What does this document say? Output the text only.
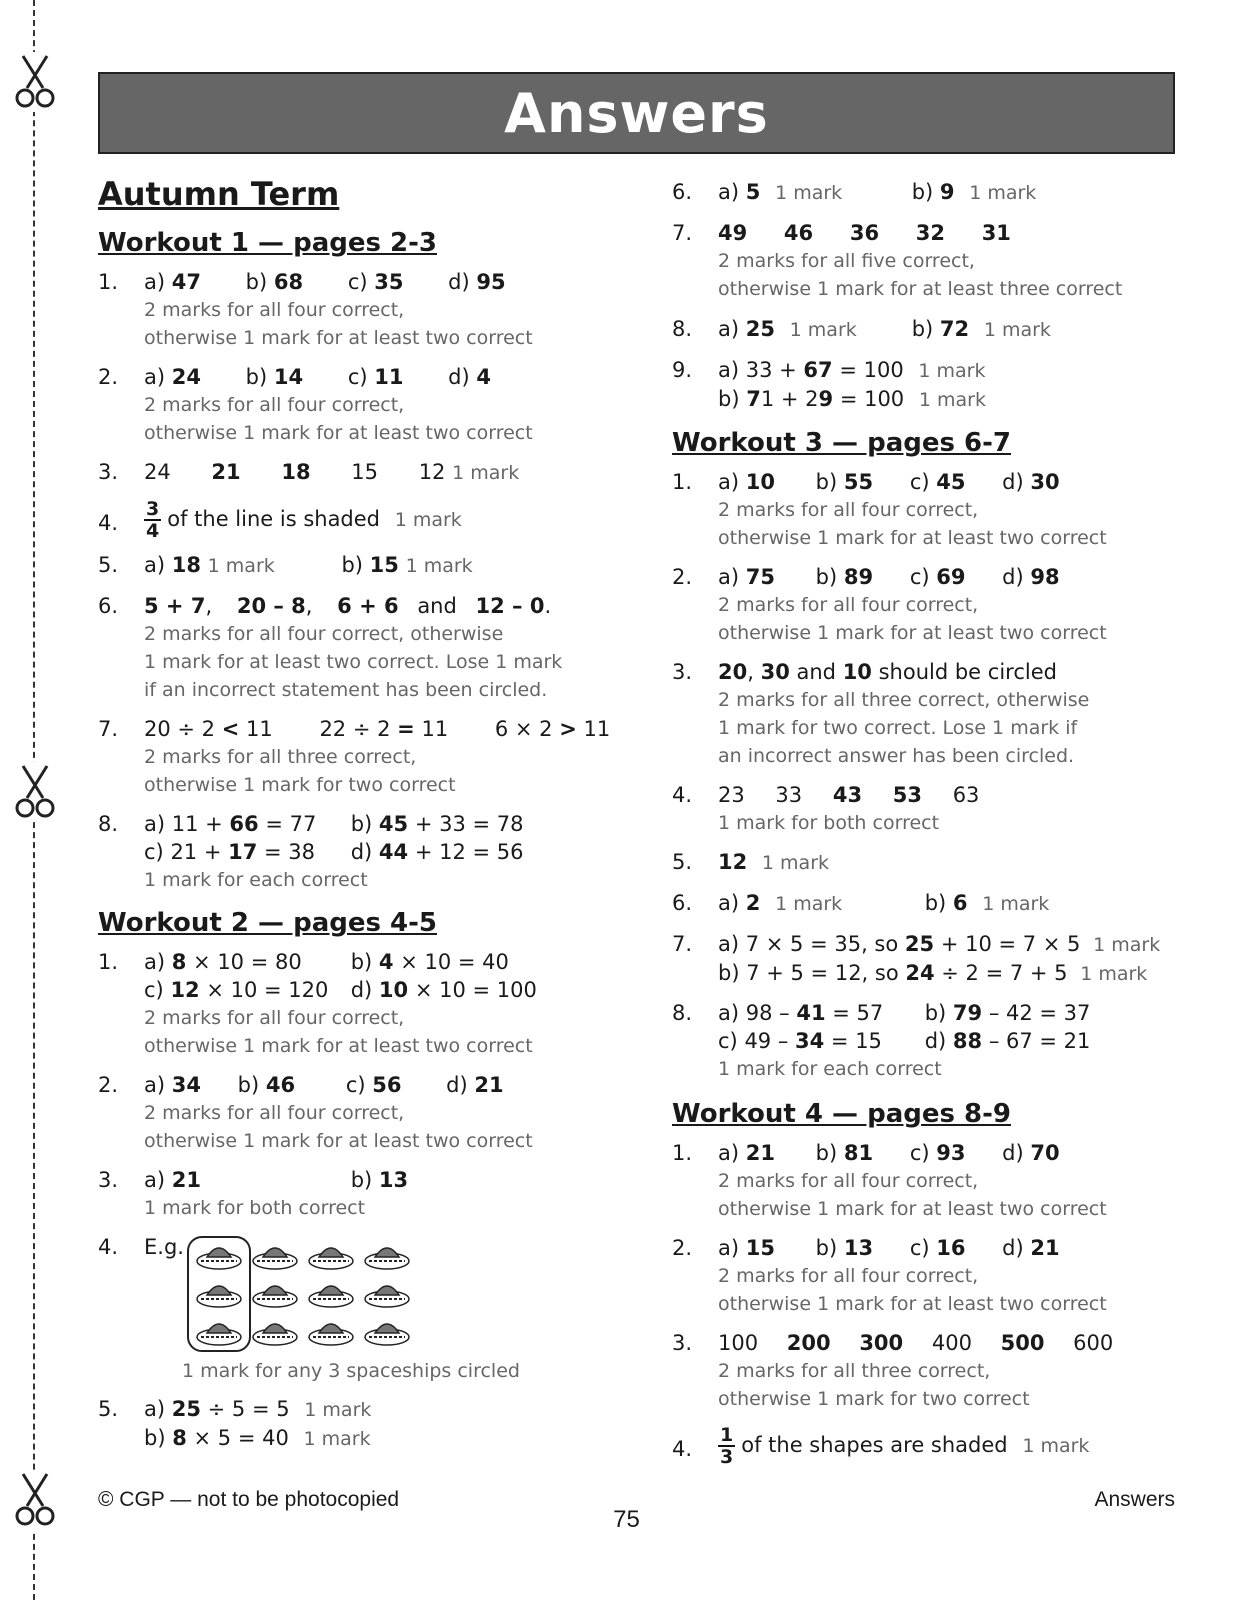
Answers
Autumn Term
Workout 1 — pages 2-3
1. a) 47 b) 68 c) 35 d) 95
2 marks for all four correct,
otherwise 1 mark for at least two correct
2. a) 24 b) 14 c) 11 d) 4
2 marks for all four correct,
otherwise 1 mark for at least two correct
3. 24 21 18 15 12 1 mark
4. $\frac{3}{4}$ of the line is shaded 1 mark
5. a) 18 1 mark	b) 15 1 mark
6. 5 + 7, 20 – 8, 6 + 6 and 12 – 0.
2 marks for all four correct, otherwise
1 mark for at least two correct. Lose 1 mark
if an incorrect statement has been circled.
7. 20 ÷ 2 < 11 22 ÷ 2 = 11 6 × 2 > 11
2 marks for all three correct,
otherwise 1 mark for two correct
8. a) 11 + 66 = 77 b) 45 + 33 = 78
c) 21 + 17 = 38 d) 44 + 12 = 56
1 mark for each correct
Workout 2 — pages 4-5
1. a) 8 × 10 = 80 b) 4 × 10 = 40
c) 12 × 10 = 120 d) 10 × 10 = 100
2 marks for all four correct,
otherwise 1 mark for at least two correct
2. a) 34 b) 46 c) 56 d) 21
2 marks for all four correct,
otherwise 1 mark for at least two correct
3. a) 21	b) 13
1 mark for both correct
4. E.g.
1 mark for any 3 spaceships circled
5. a) 25 ÷ 5 = 5 1 mark
b) 8 × 5 = 40 1 mark
6. a) 5 1 mark	b) 9 1 mark
7. 49 46 36 32 31
2 marks for all five correct,
otherwise 1 mark for at least three correct
8. a) 25 1 mark	b) 72 1 mark
9. a) 33 + 67 = 100 1 mark
b) 71 + 29 = 100 1 mark
Workout 3 — pages 6-7
1. a) 10 b) 55 c) 45 d) 30
2 marks for all four correct,
otherwise 1 mark for at least two correct
2. a) 75 b) 89 c) 69 d) 98
2 marks for all four correct,
otherwise 1 mark for at least two correct
3. 20, 30 and 10 should be circled
2 marks for all three correct, otherwise
1 mark for two correct. Lose 1 mark if
an incorrect answer has been circled.
4. 23 33 43 53 63
1 mark for both correct
5. 12 1 mark
6. a) 2 1 mark	b) 6 1 mark
7. a) 7 × 5 = 35, so 25 + 10 = 7 × 5 1 mark
b) 7 + 5 = 12, so 24 ÷ 2 = 7 + 5 1 mark
8. a) 98 – 41 = 57 b) 79 – 42 = 37
c) 49 – 34 = 15 d) 88 – 67 = 21
1 mark for each correct
Workout 4 — pages 8-9
1. a) 21 b) 81 c) 93 d) 70
2 marks for all four correct,
otherwise 1 mark for at least two correct
2. a) 15 b) 13 c) 16 d) 21
2 marks for all four correct,
otherwise 1 mark for at least two correct
3. 100 200 300 400 500 600
2 marks for all three correct,
otherwise 1 mark for two correct
4. $\frac{1}{3}$ of the shapes are shaded 1 mark
© CGP — not to be photocopied
75
Answers
